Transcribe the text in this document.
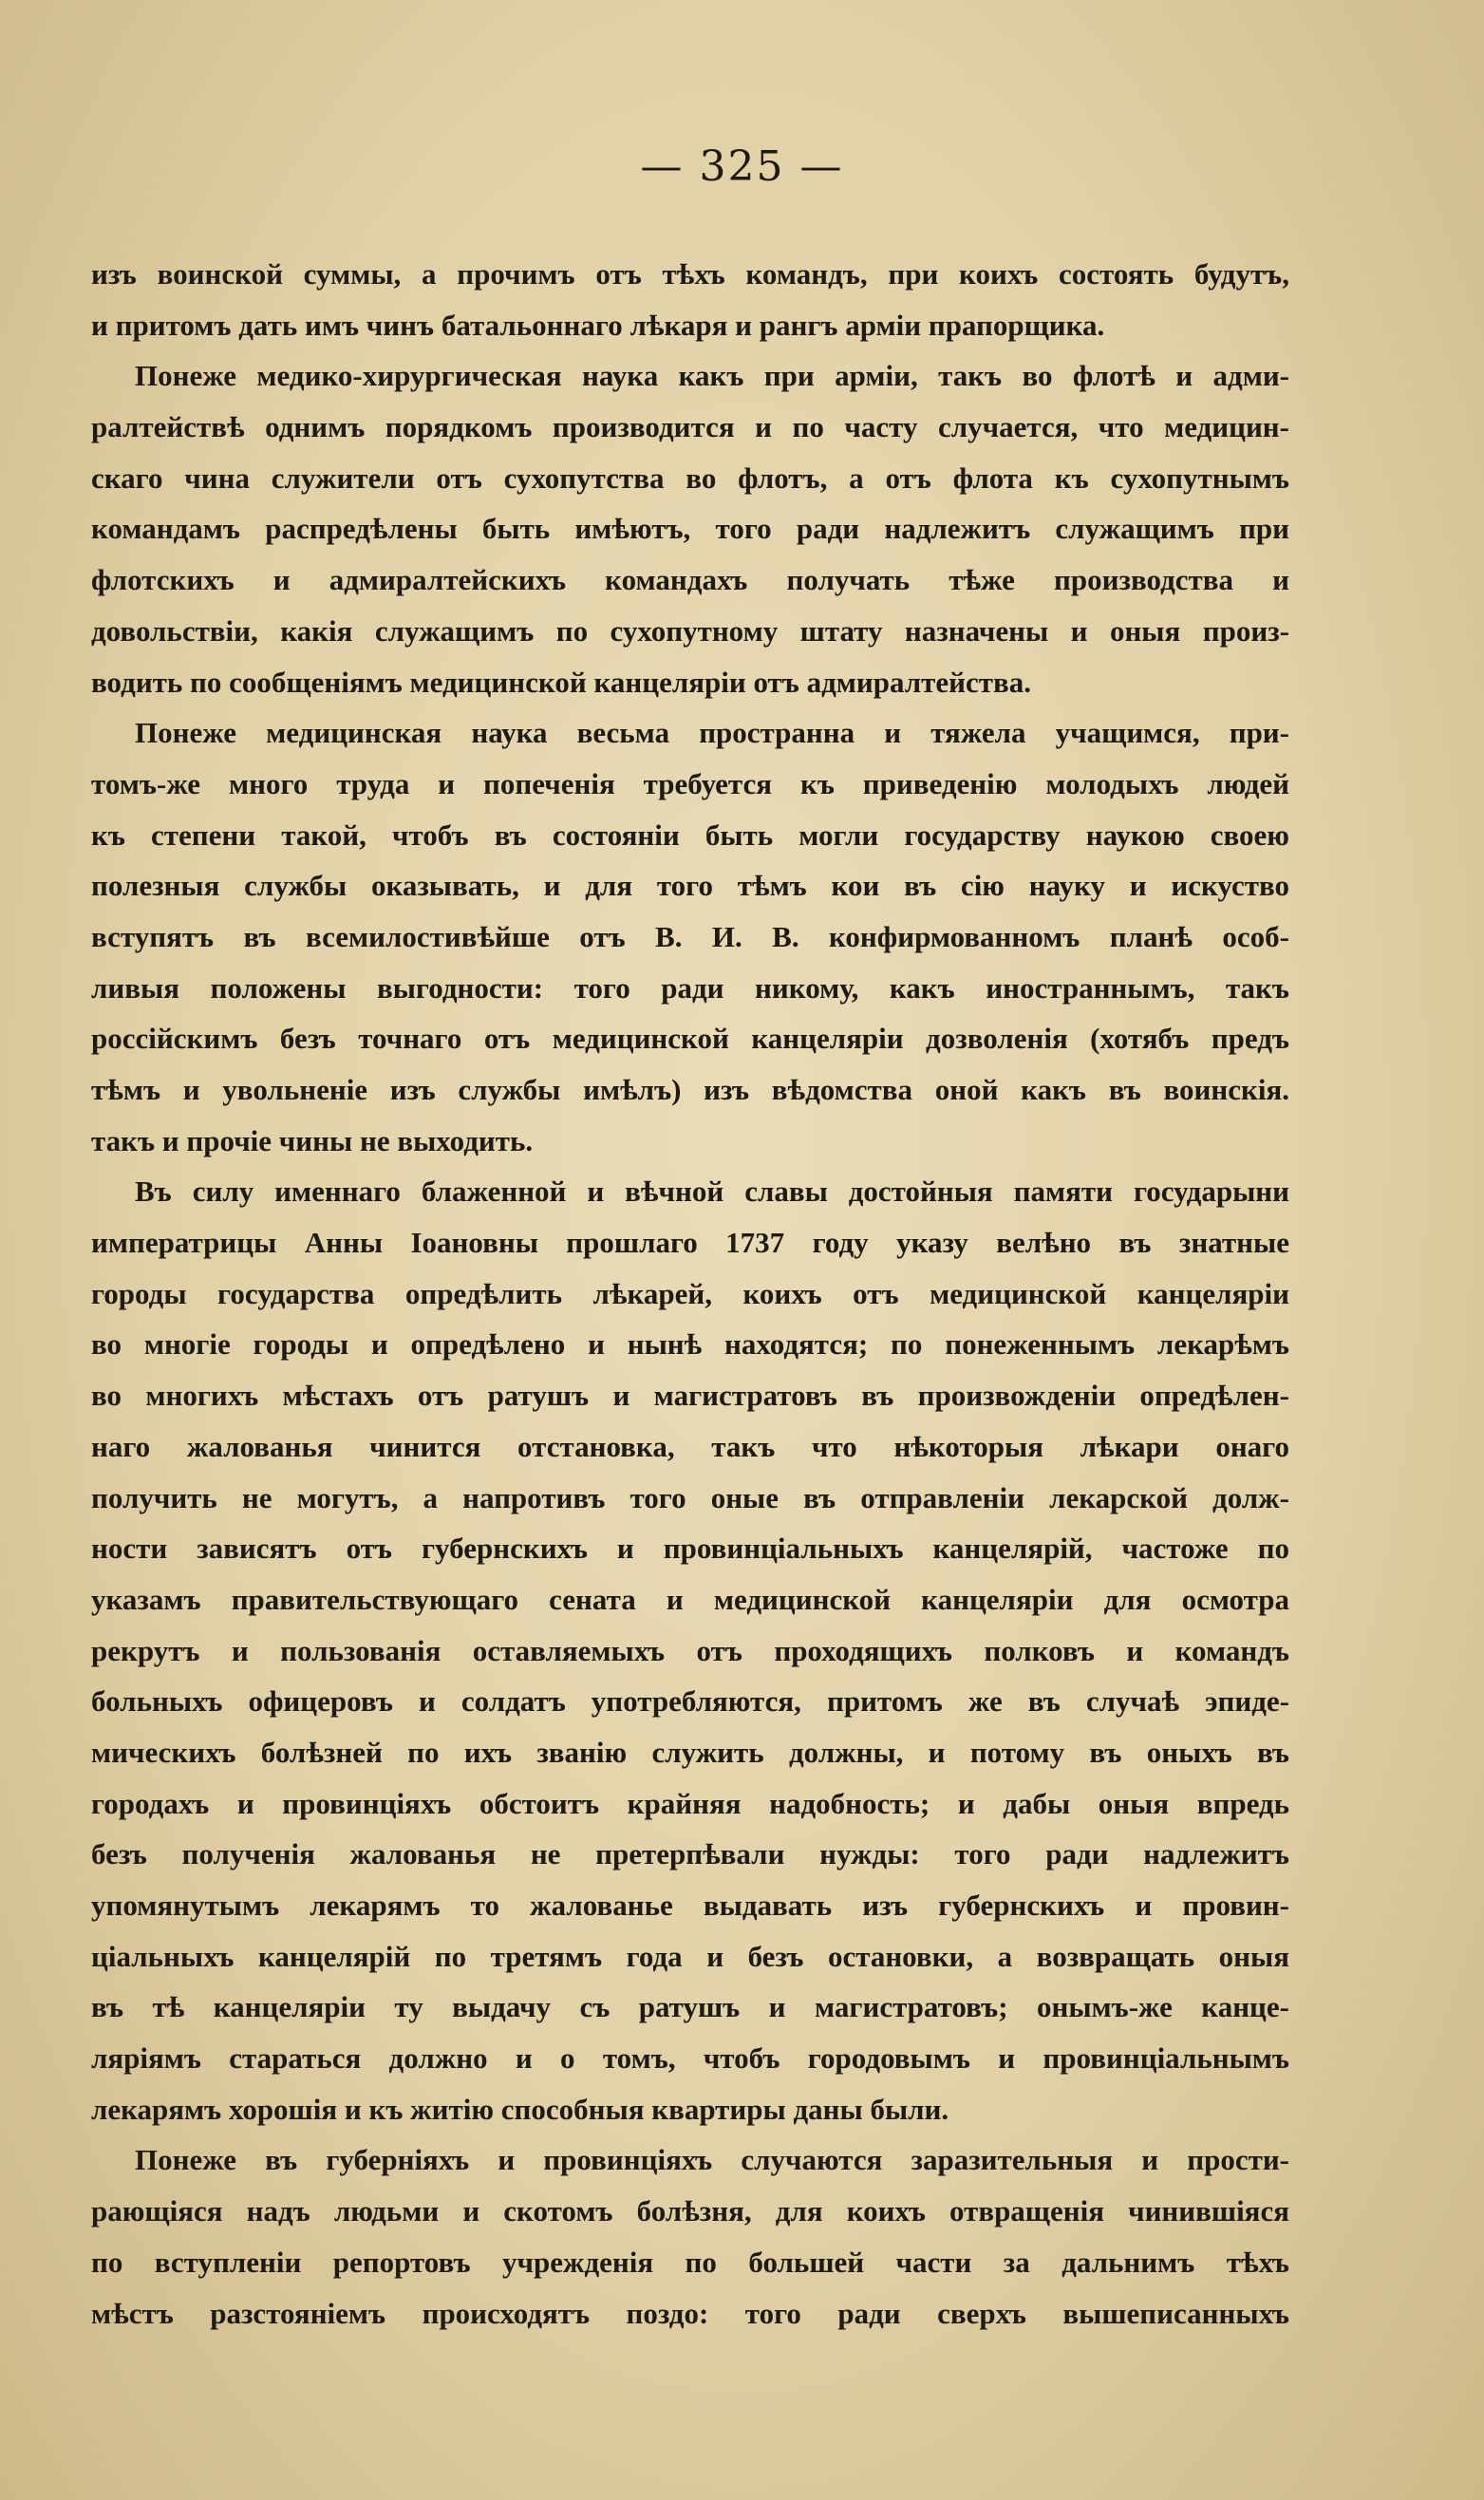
— 325 —
изъ воинской суммы, а прочимъ отъ тѣхъ командъ, при коихъ состоять будутъ,
и притомъ дать имъ чинъ батальоннаго лѣкаря и рангъ арміи прапорщика.
Понеже медико-хирургическая наука какъ при арміи, такъ во флотѣ и адми-
ралтействѣ однимъ порядкомъ производится и по часту случается, что медицин-
скаго чина служители отъ сухопутства во флотъ, а отъ флота къ сухопутнымъ
командамъ распредѣлены быть имѣютъ, того ради надлежитъ служащимъ при
флотскихъ и адмиралтейскихъ командахъ получать тѣже производства и
довольствіи, какія служащимъ по сухопутному штату назначены и оныя произ-
водить по сообщеніямъ медицинской канцеляріи отъ адмиралтейства.
Понеже медицинская наука весьма пространна и тяжела учащимся, при-
томъ-же много труда и попеченія требуется къ приведенію молодыхъ людей
къ степени такой, чтобъ въ состояніи быть могли государству наукою своею
полезныя службы оказывать, и для того тѣмъ кои въ сію науку и искуство
вступятъ въ всемилостивѣйше отъ В. И. В. конфирмованномъ планѣ особ-
ливыя положены выгодности: того ради никому, какъ иностраннымъ, такъ
россійскимъ безъ точнаго отъ медицинской канцеляріи дозволенія (хотябъ предъ
тѣмъ и увольненіе изъ службы имѣлъ) изъ вѣдомства оной какъ въ воинскія.
такъ и прочіе чины не выходить.
Въ силу именнаго блаженной и вѣчной славы достойныя памяти государыни
императрицы Анны Іоановны прошлаго 1737 году указу велѣно въ знатные
городы государства опредѣлить лѣкарей, коихъ отъ медицинской канцеляріи
во многіе городы и опредѣлено и нынѣ находятся; по понеженнымъ лекарѣмъ
во многихъ мѣстахъ отъ ратушъ и магистратовъ въ произвожденіи опредѣлен-
наго жалованья чинится отстановка, такъ что нѣкоторыя лѣкари онаго
получить не могутъ, а напротивъ того оные въ отправленіи лекарской долж-
ности зависятъ отъ губернскихъ и провинціальныхъ канцелярій, частоже по
указамъ правительствующаго сената и медицинской канцеляріи для осмотра
рекрутъ и пользованія оставляемыхъ отъ проходящихъ полковъ и командъ
больныхъ офицеровъ и солдатъ употребляются, притомъ же въ случаѣ эпиде-
мическихъ болѣзней по ихъ званію служить должны, и потому въ оныхъ въ
городахъ и провинціяхъ обстоитъ крайняя надобность; и дабы оныя впредь
безъ полученія жалованья не претерпѣвали нужды: того ради надлежитъ
упомянутымъ лекарямъ то жалованье выдавать изъ губернскихъ и провин-
ціальныхъ канцелярій по третямъ года и безъ остановки, а возвращать оныя
въ тѣ канцеляріи ту выдачу съ ратушъ и магистратовъ; онымъ-же канце-
ляріямъ стараться должно и о томъ, чтобъ городовымъ и провинціальнымъ
лекарямъ хорошія и къ житію способныя квартиры даны были.
Понеже въ губерніяхъ и провинціяхъ случаются заразительныя и прости-
рающіяся надъ людьми и скотомъ болѣзня, для коихъ отвращенія чинившіяся
по вступленіи репортовъ учрежденія по большей части за дальнимъ тѣхъ
мѣстъ разстояніемъ происходятъ поздо: того ради сверхъ вышеписанныхъ
